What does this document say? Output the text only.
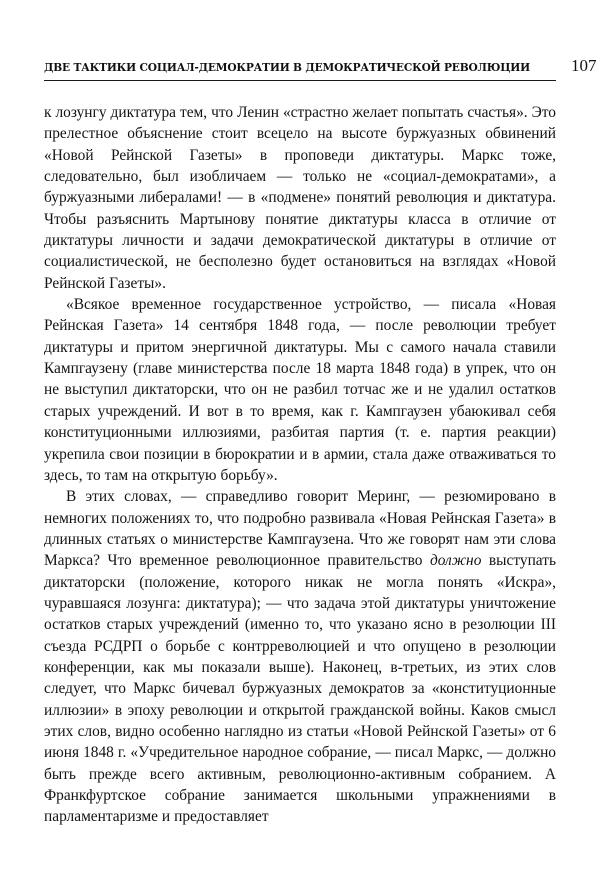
ДВЕ ТАКТИКИ СОЦИАЛ-ДЕМОКРАТИИ В ДЕМОКРАТИЧЕСКОЙ РЕВОЛЮЦИИ	107

к лозунгу диктатура тем, что Ленин «страстно желает попытать счастья». Это прелестное объяснение стоит всецело на высоте буржуазных обвинений «Новой Рейнской Газеты» в проповеди диктатуры. Маркс тоже, следовательно, был изобличаем — только не «социал-демократами», а буржуазными либералами! — в «подмене» понятий революция и диктатура. Чтобы разъяснить Мартынову понятие диктатуры класса в отличие от диктатуры личности и задачи демократической диктатуры в отличие от социалистической, не бесполезно будет остановиться на взглядах «Новой Рейнской Газеты».

«Всякое временное государственное устройство, — писала «Новая Рейнская Газета» 14 сентября 1848 года, — после революции требует диктатуры и притом энергичной диктатуры. Мы с самого начала ставили Кампгаузену (главе министерства после 18 марта 1848 года) в упрек, что он не выступил диктаторски, что он не разбил тотчас же и не удалил остатков старых учреждений. И вот в то время, как г. Кампгаузен убаюкивал себя конституционными иллюзиями, разбитая партия (т. е. партия реакции) укрепила свои позиции в бюрократии и в армии, стала даже отваживаться то здесь, то там на открытую борьбу».

В этих словах, — справедливо говорит Меринг, — резюмировано в немногих положениях то, что подробно развивала «Новая Рейнская Газета» в длинных статьях о министерстве Кампгаузена. Что же говорят нам эти слова Маркса? Что временное революционное правительство должно выступать диктаторски (положение, которого никак не могла понять «Искра», чуравшаяся лозунга: диктатура); — что задача этой диктатуры уничтожение остатков старых учреждений (именно то, что указано ясно в резолюции III съезда РСДРП о борьбе с контрреволюцией и что опущено в резолюции конференции, как мы показали выше). Наконец, в-третьих, из этих слов следует, что Маркс бичевал буржуазных демократов за «конституционные иллюзии» в эпоху революции и открытой гражданской войны. Каков смысл этих слов, видно особенно наглядно из статьи «Новой Рейнской Газеты» от 6 июня 1848 г. «Учредительное народное собрание, — писал Маркс, — должно быть прежде всего активным, революционно-активным собранием. А Франкфуртское собрание занимается школьными упражнениями в парламентаризме и предоставляет
